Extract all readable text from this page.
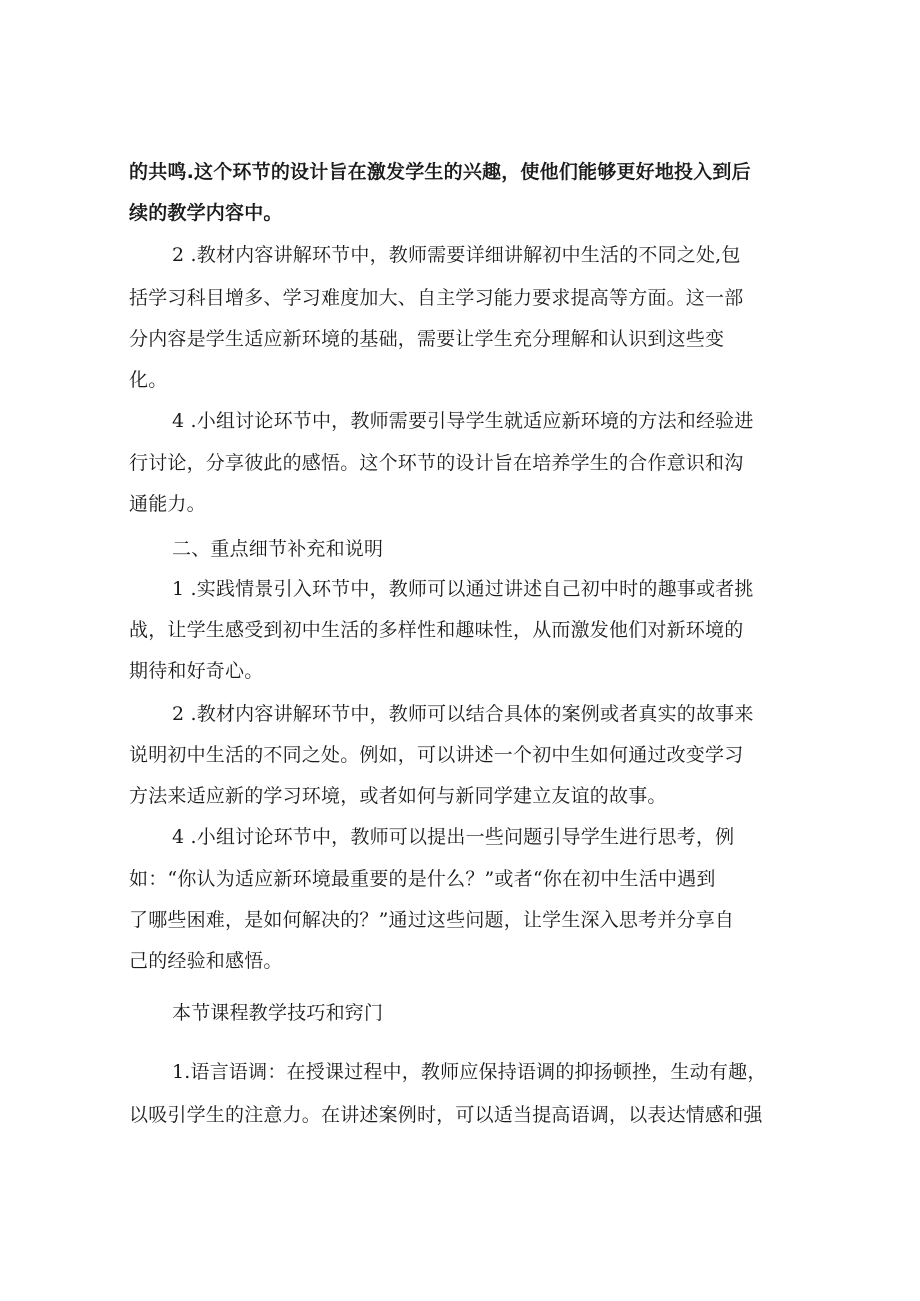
的共鸣.这个环节的设计旨在激发学生的兴趣，使他们能够更好地投入到后
续的教学内容中。
2 .教材内容讲解环节中，教师需要详细讲解初中生活的不同之处,包
括学习科目增多、学习难度加大、自主学习能力要求提高等方面。这一部
分内容是学生适应新环境的基础，需要让学生充分理解和认识到这些变
化。
4 .小组讨论环节中，教师需要引导学生就适应新环境的方法和经验进
行讨论，分享彼此的感悟。这个环节的设计旨在培养学生的合作意识和沟
通能力。
二、重点细节补充和说明
1 .实践情景引入环节中，教师可以通过讲述自己初中时的趣事或者挑
战，让学生感受到初中生活的多样性和趣味性，从而激发他们对新环境的
期待和好奇心。
2 .教材内容讲解环节中，教师可以结合具体的案例或者真实的故事来
说明初中生活的不同之处。例如，可以讲述一个初中生如何通过改变学习
方法来适应新的学习环境，或者如何与新同学建立友谊的故事。
4 .小组讨论环节中，教师可以提出一些问题引导学生进行思考，例
如：“你认为适应新环境最重要的是什么？”或者“你在初中生活中遇到
了哪些困难，是如何解决的？”通过这些问题，让学生深入思考并分享自
己的经验和感悟。
本节课程教学技巧和窍门
1.语言语调：在授课过程中，教师应保持语调的抑扬顿挫，生动有趣，
以吸引学生的注意力。在讲述案例时，可以适当提高语调，以表达情感和强
